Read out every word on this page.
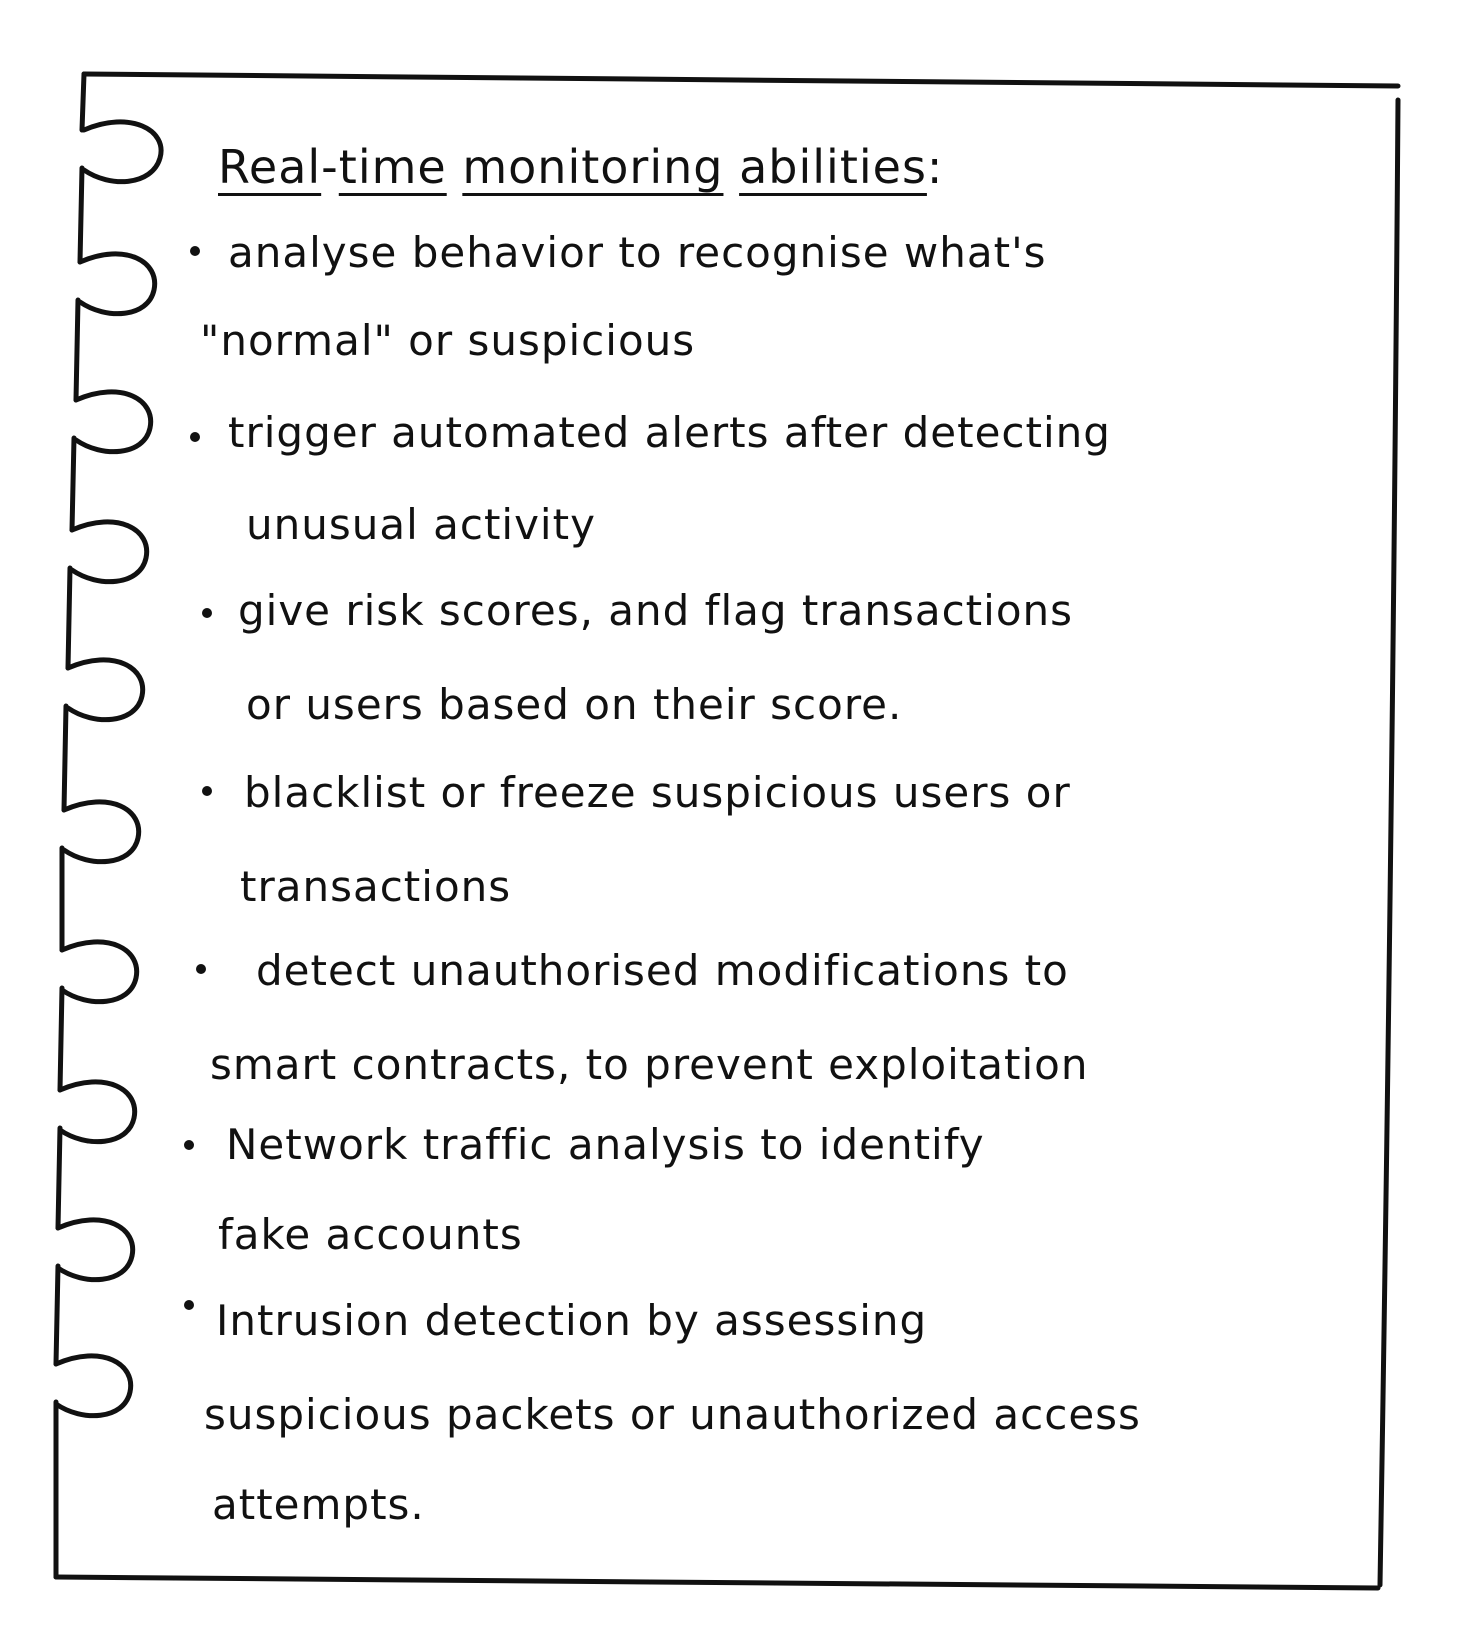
Real-time monitoring abilities:
analyse behavior to recognise what's
"normal" or suspicious
trigger automated alerts after detecting
unusual activity
give risk scores, and flag transactions
or users based on their score.
blacklist or freeze suspicious users or
transactions
detect unauthorised modifications to
smart contracts, to prevent exploitation
Network traffic analysis to identify
fake accounts
Intrusion detection by assessing
suspicious packets or unauthorized access
attempts.
